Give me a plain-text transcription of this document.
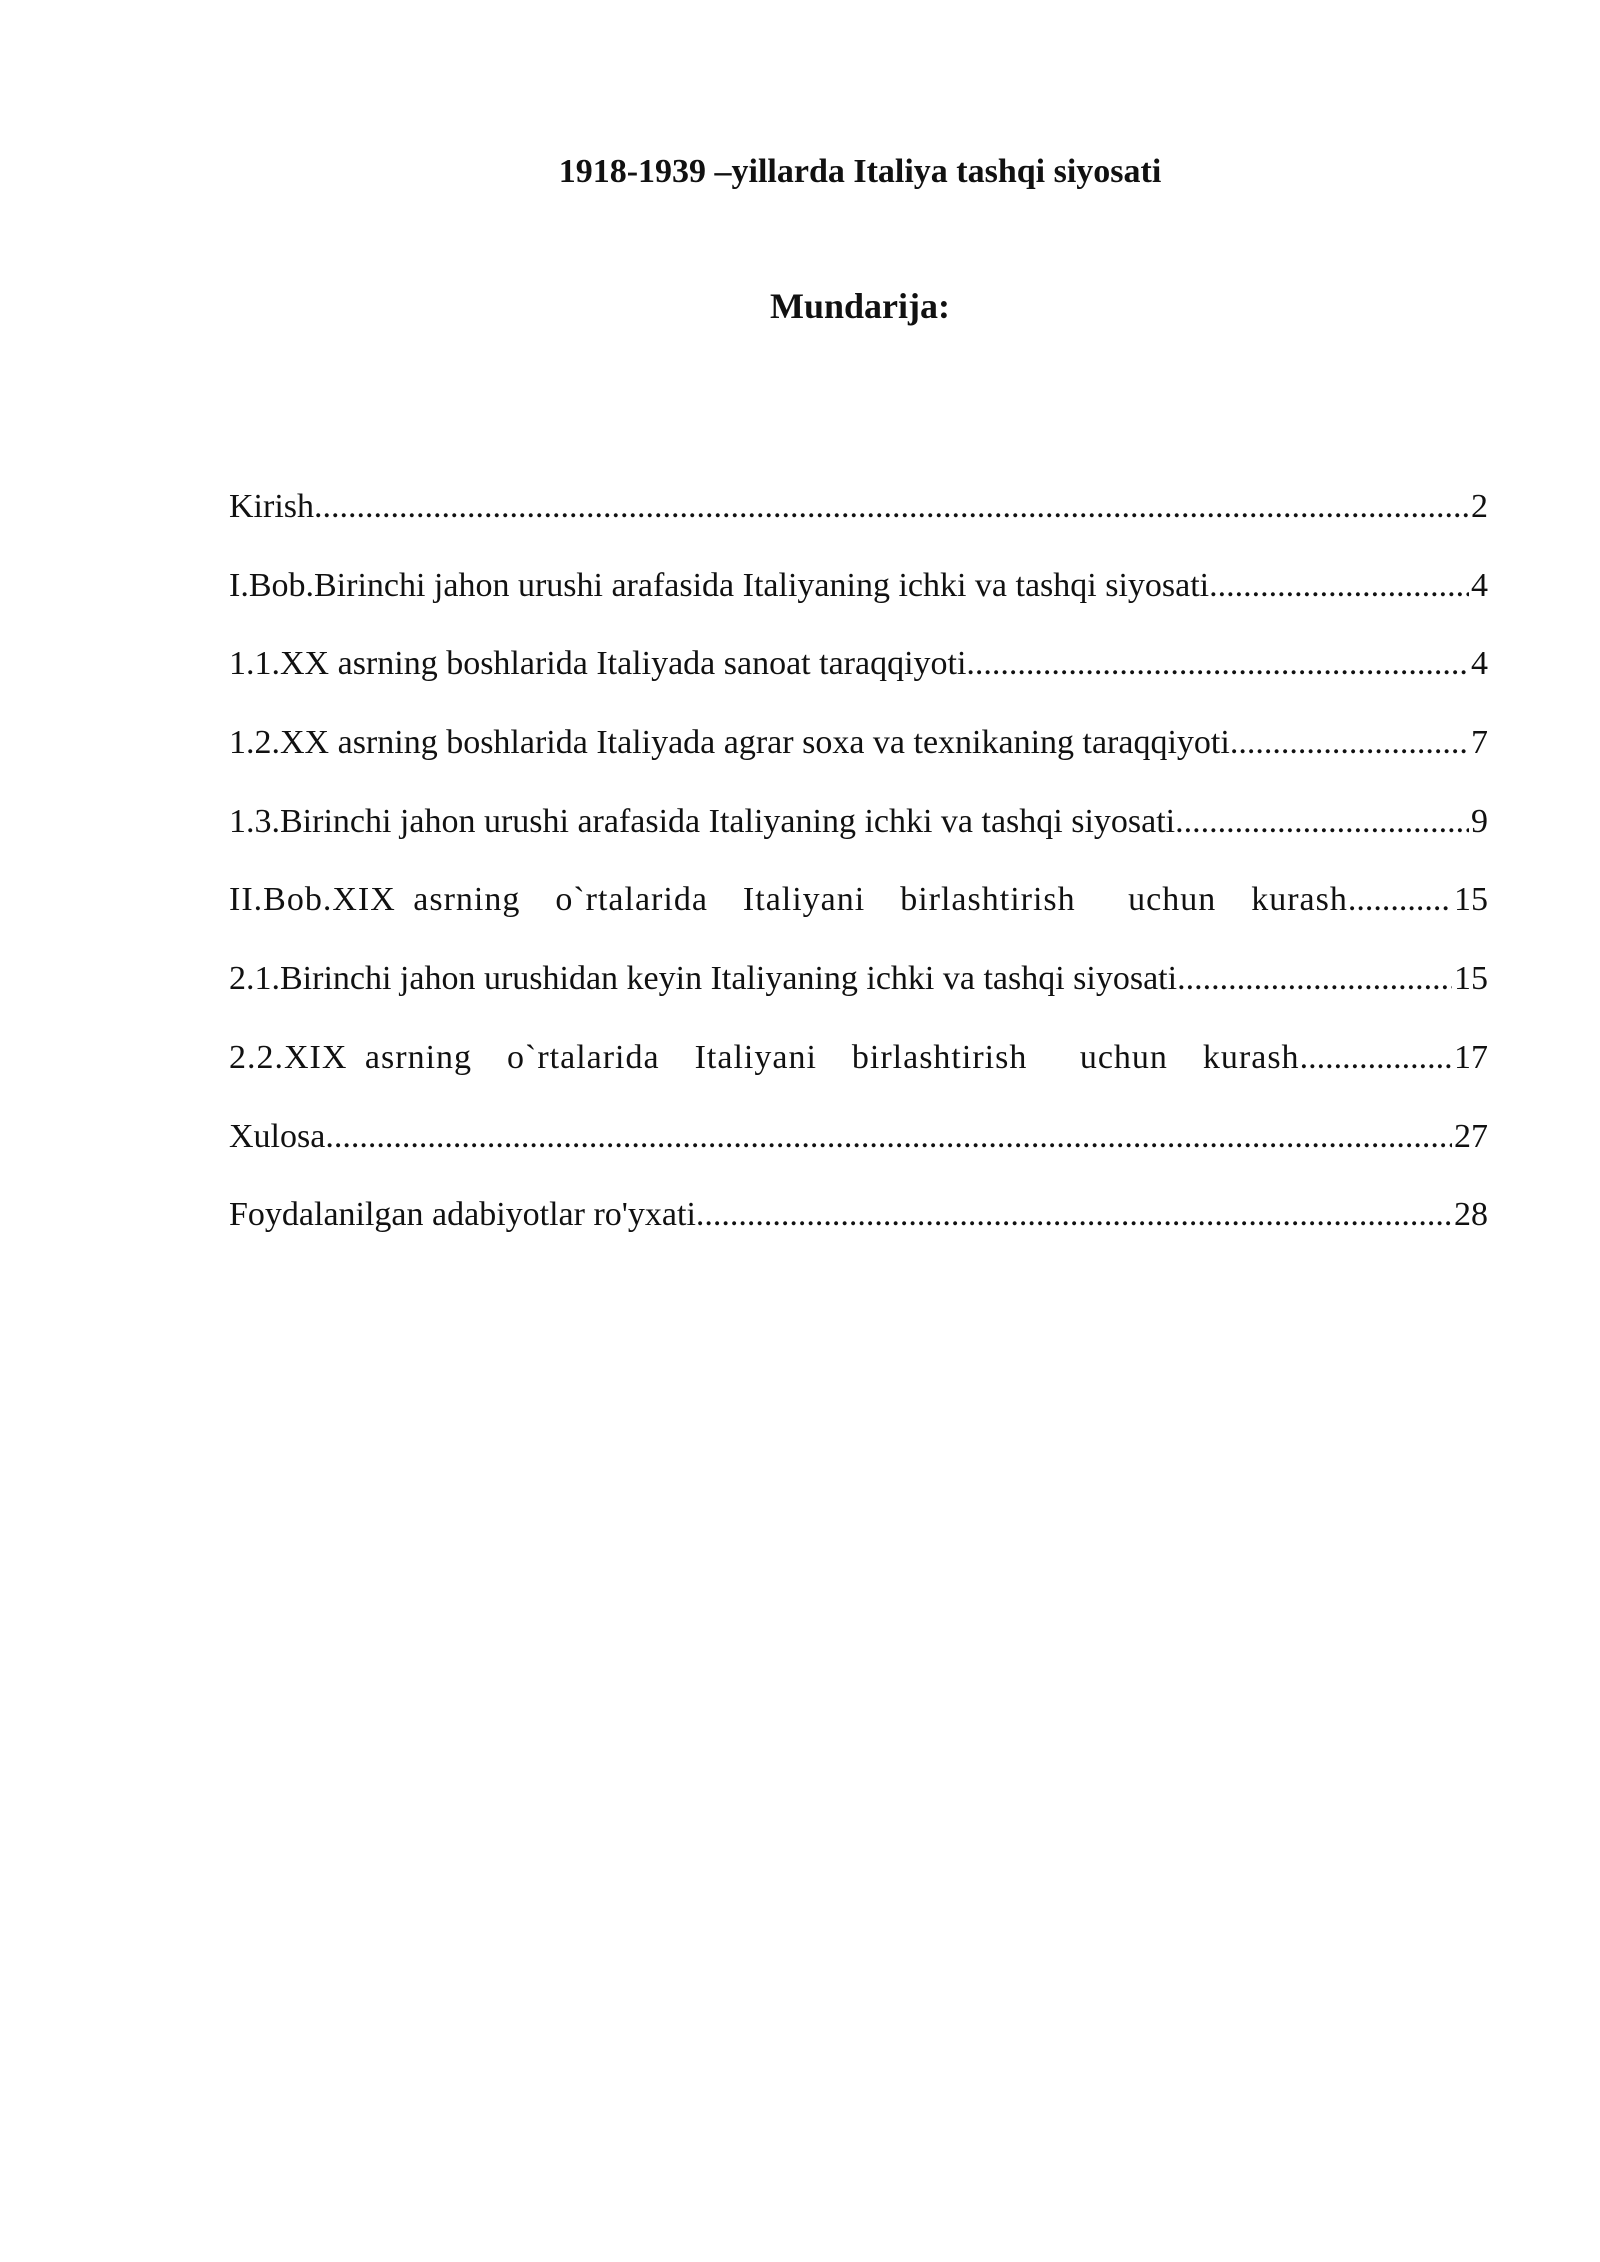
1918-1939 –yillarda Italiya tashqi siyosati
Mundarija:
Kirish .....	2
I.Bob.Birinchi jahon urushi arafasida Italiyaning ichki va tashqi siyosati .....	4
1.1.XX asrning boshlarida Italiyada sanoat taraqqiyoti .....	4
1.2.XX asrning boshlarida Italiyada agrar soxa va texnikaning taraqqiyoti .....	7
1.3.Birinchi jahon urushi arafasida Italiyaning ichki va tashqi siyosati .....	9
II.Bob.XIX asrning  o`rtalarida  Italiyani  birlashtirish   uchun  kurash .....	15
2.1.Birinchi jahon urushidan keyin Italiyaning ichki va tashqi siyosati .....	15
2.2.XIX asrning  o`rtalarida  Italiyani  birlashtirish   uchun  kurash .....	17
Xulosa .....	27
Foydalanilgan adabiyotlar ro'yxati .....	28
